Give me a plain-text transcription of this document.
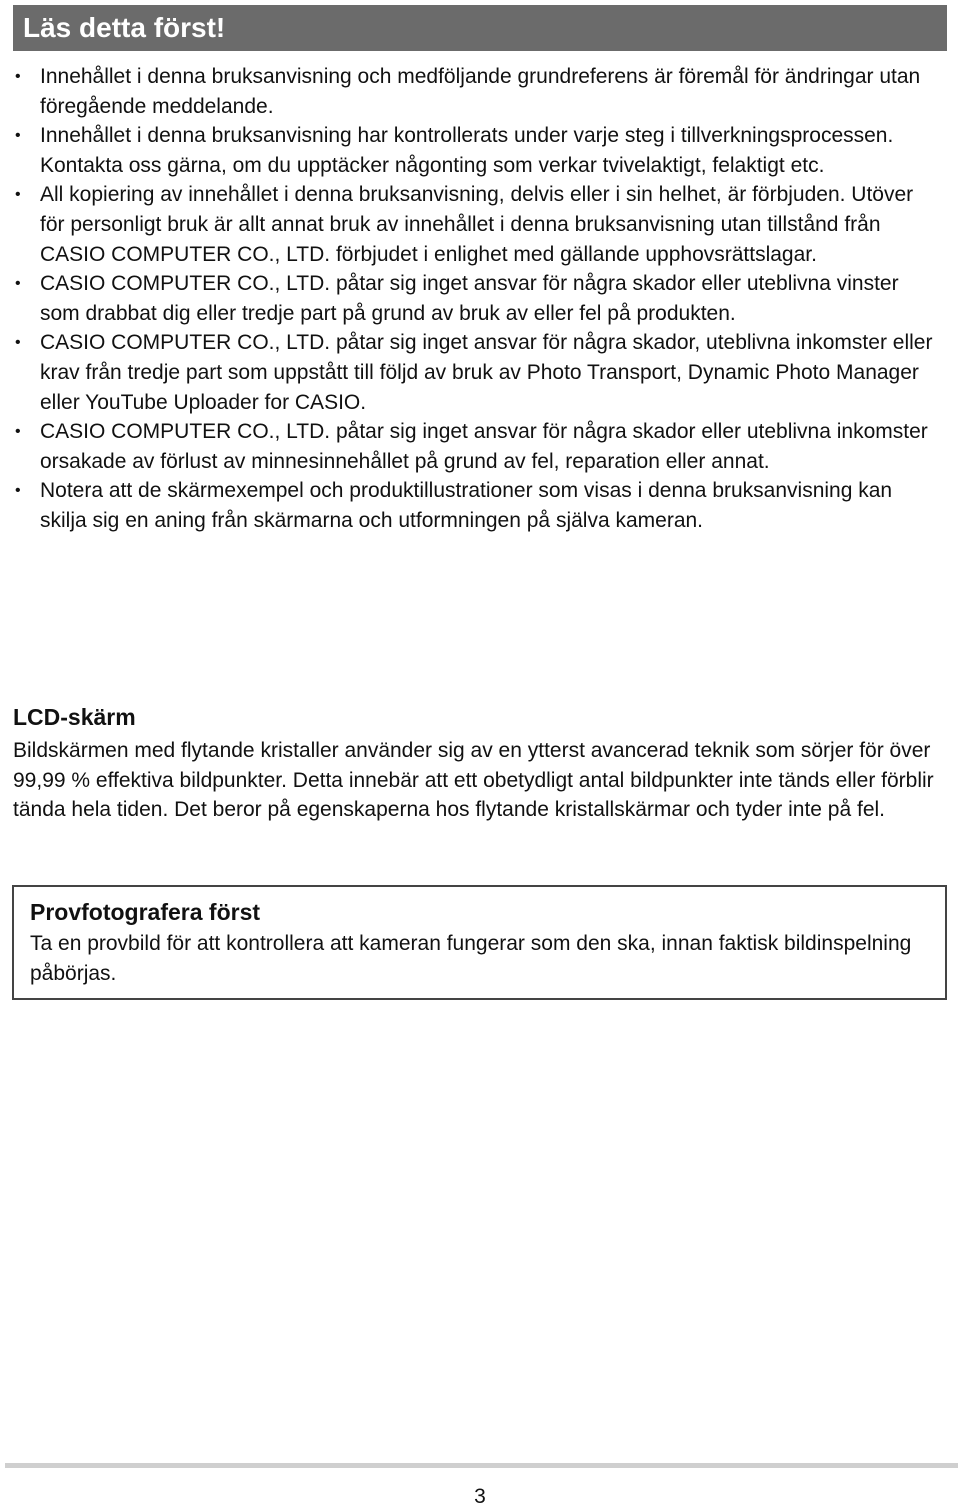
Läs detta först!
• Innehållet i denna bruksanvisning och medföljande grundreferens är föremål för ändringar utan föregående meddelande.
• Innehållet i denna bruksanvisning har kontrollerats under varje steg i tillverkningsprocessen. Kontakta oss gärna, om du upptäcker någonting som verkar tvivelaktigt, felaktigt etc.
• All kopiering av innehållet i denna bruksanvisning, delvis eller i sin helhet, är förbjuden. Utöver för personligt bruk är allt annat bruk av innehållet i denna bruksanvisning utan tillstånd från CASIO COMPUTER CO., LTD. förbjudet i enlighet med gällande upphovsrättslagar.
• CASIO COMPUTER CO., LTD. påtar sig inget ansvar för några skador eller uteblivna vinster som drabbat dig eller tredje part på grund av bruk av eller fel på produkten.
• CASIO COMPUTER CO., LTD. påtar sig inget ansvar för några skador, uteblivna inkomster eller krav från tredje part som uppstått till följd av bruk av Photo Transport, Dynamic Photo Manager eller YouTube Uploader for CASIO.
• CASIO COMPUTER CO., LTD. påtar sig inget ansvar för några skador eller uteblivna inkomster orsakade av förlust av minnesinnehållet på grund av fel, reparation eller annat.
• Notera att de skärmexempel och produktillustrationer som visas i denna bruksanvisning kan skilja sig en aning från skärmarna och utformningen på själva kameran.
LCD-skärm
Bildskärmen med flytande kristaller använder sig av en ytterst avancerad teknik som sörjer för över 99,99 % effektiva bildpunkter. Detta innebär att ett obetydligt antal bildpunkter inte tänds eller förblir tända hela tiden. Det beror på egenskaperna hos flytande kristallskärmar och tyder inte på fel.
Provfotografera först
Ta en provbild för att kontrollera att kameran fungerar som den ska, innan faktisk bildinspelning påbörjas.
3
